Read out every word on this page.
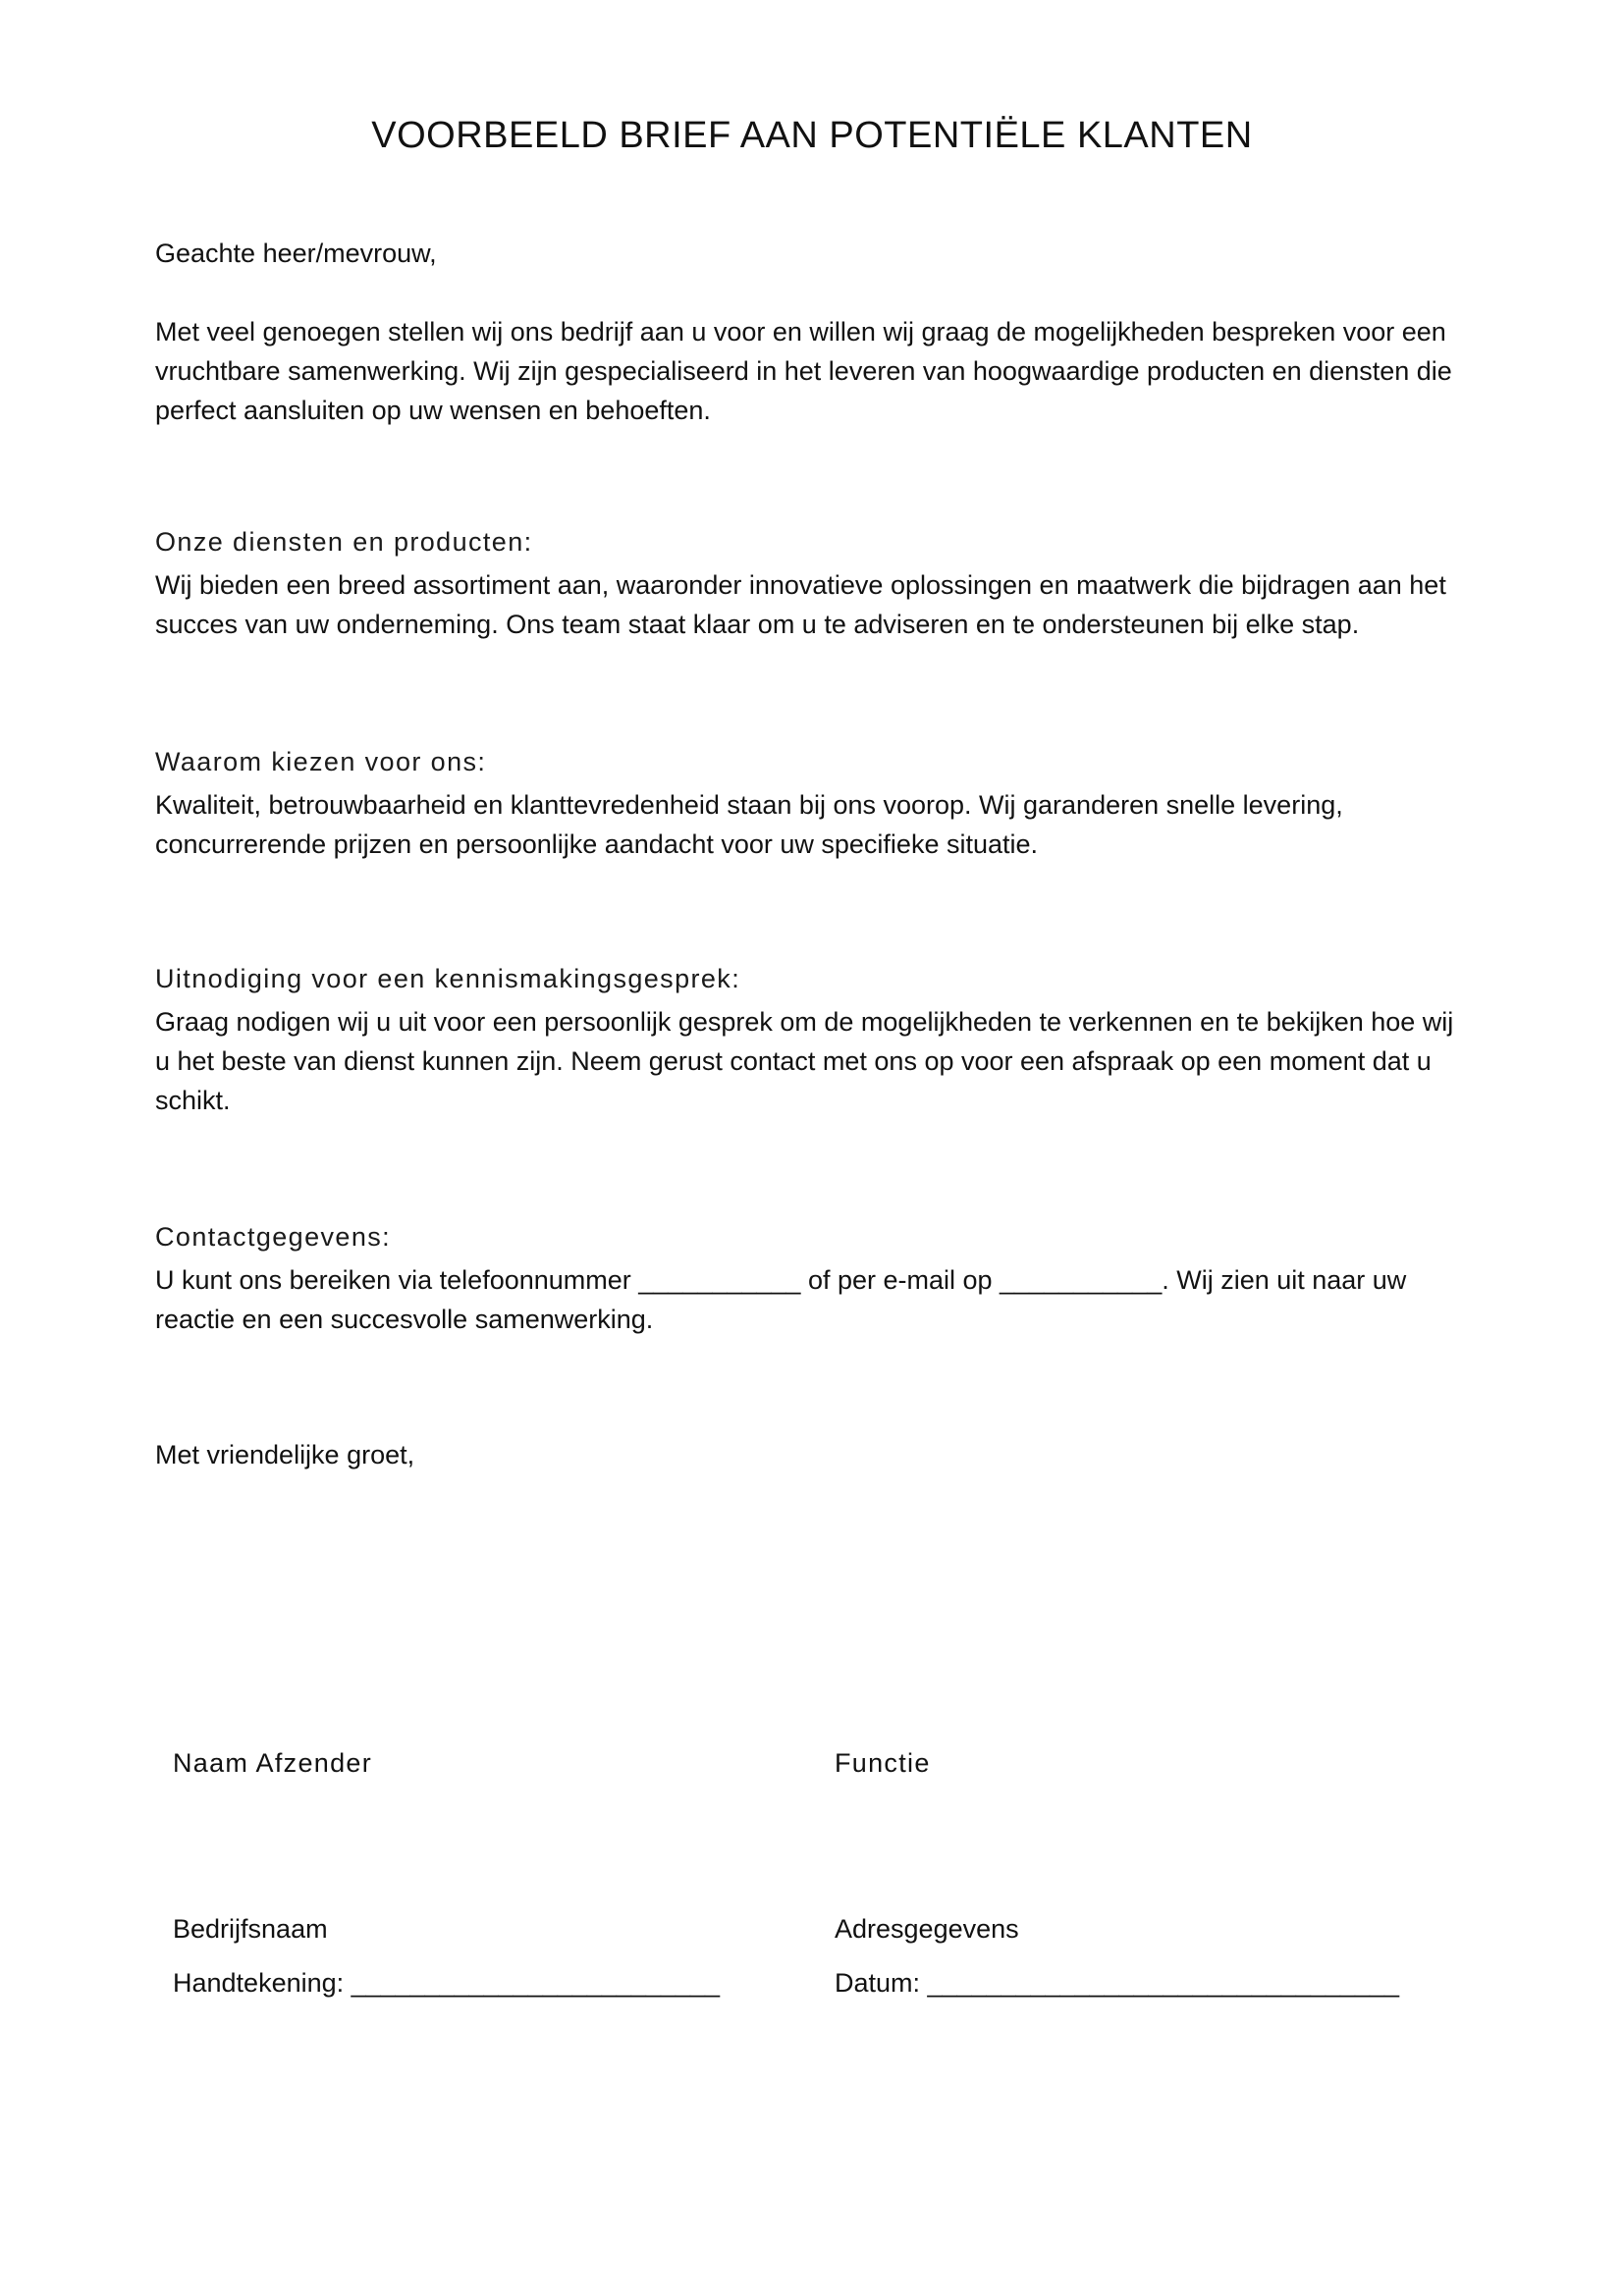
VOORBEELD BRIEF AAN POTENTIËLE KLANTEN

Geachte heer/mevrouw,

Met veel genoegen stellen wij ons bedrijf aan u voor en willen wij graag de mogelijkheden bespreken voor een vruchtbare samenwerking. Wij zijn gespecialiseerd in het leveren van hoogwaardige producten en diensten die perfect aansluiten op uw wensen en behoeften.

Onze diensten en producten:

Wij bieden een breed assortiment aan, waaronder innovatieve oplossingen en maatwerk die bijdragen aan het succes van uw onderneming. Ons team staat klaar om u te adviseren en te ondersteunen bij elke stap.

Waarom kiezen voor ons:

Kwaliteit, betrouwbaarheid en klanttevredenheid staan bij ons voorop. Wij garanderen snelle levering, concurrerende prijzen en persoonlijke aandacht voor uw specifieke situatie.

Uitnodiging voor een kennismakingsgesprek:

Graag nodigen wij u uit voor een persoonlijk gesprek om de mogelijkheden te verkennen en te bekijken hoe wij u het beste van dienst kunnen zijn. Neem gerust contact met ons op voor een afspraak op een moment dat u schikt.

Contactgegevens:

U kunt ons bereiken via telefoonnummer ___________ of per e-mail op ___________. Wij zien uit naar uw reactie en een succesvolle samenwerking.

Met vriendelijke groet,

Naam Afzender	Functie

Bedrijfsnaam	Adresgegevens

Handtekening: _________________________	Datum: ________________________________
